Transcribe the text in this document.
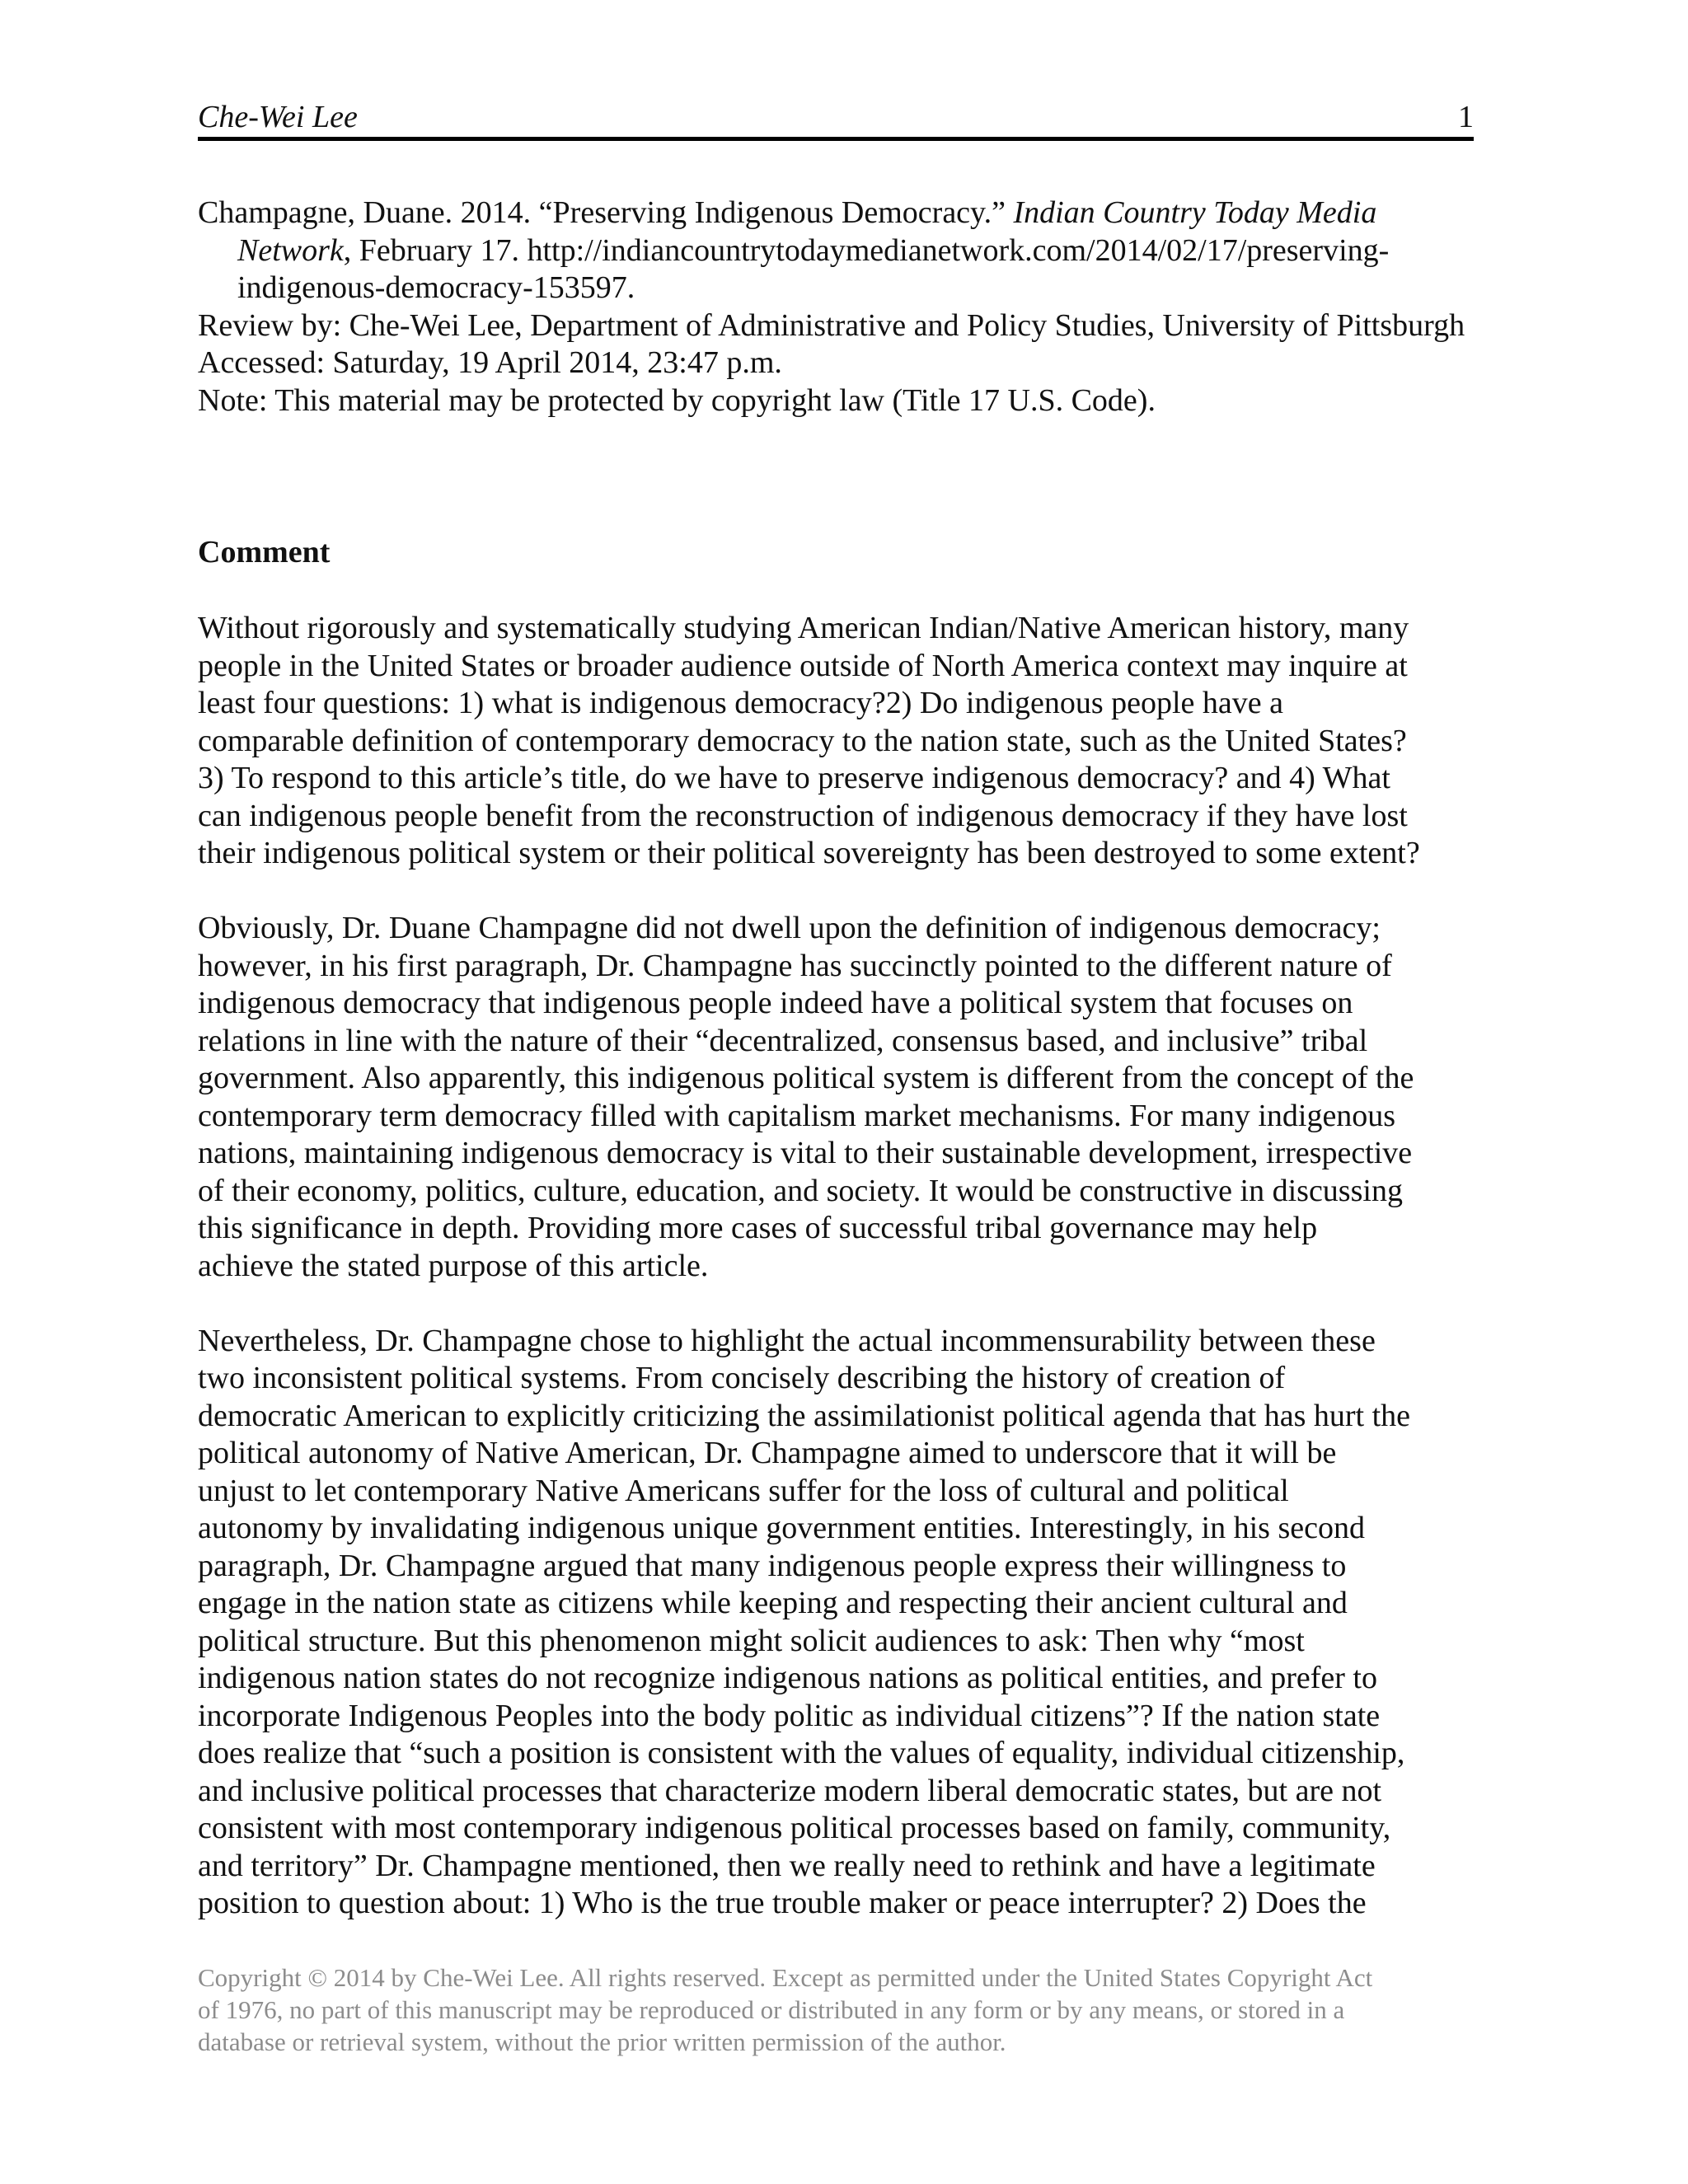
Che-Wei Lee	1

Champagne, Duane. 2014. “Preserving Indigenous Democracy.” Indian Country Today Media Network, February 17. http://indiancountrytodaymedianetwork.com/2014/02/17/preserving-indigenous-democracy-153597.

Review by: Che-Wei Lee, Department of Administrative and Policy Studies, University of Pittsburgh

Accessed: Saturday, 19 April 2014, 23:47 p.m.

Note: This material may be protected by copyright law (Title 17 U.S. Code).

Comment
Without rigorously and systematically studying American Indian/Native American history, many
people in the United States or broader audience outside of North America context may inquire at
least four questions: 1) what is indigenous democracy?2) Do indigenous people have a
comparable definition of contemporary democracy to the nation state, such as the United States?
3) To respond to this article’s title, do we have to preserve indigenous democracy? and 4) What
can indigenous people benefit from the reconstruction of indigenous democracy if they have lost
their indigenous political system or their political sovereignty has been destroyed to some extent?
Obviously, Dr. Duane Champagne did not dwell upon the definition of indigenous democracy;
however, in his first paragraph, Dr. Champagne has succinctly pointed to the different nature of
indigenous democracy that indigenous people indeed have a political system that focuses on
relations in line with the nature of their “decentralized, consensus based, and inclusive” tribal
government. Also apparently, this indigenous political system is different from the concept of the
contemporary term democracy filled with capitalism market mechanisms. For many indigenous
nations, maintaining indigenous democracy is vital to their sustainable development, irrespective
of their economy, politics, culture, education, and society. It would be constructive in discussing
this significance in depth. Providing more cases of successful tribal governance may help
achieve the stated purpose of this article.
Nevertheless, Dr. Champagne chose to highlight the actual incommensurability between these
two inconsistent political systems. From concisely describing the history of creation of
democratic American to explicitly criticizing the assimilationist political agenda that has hurt the
political autonomy of Native American, Dr. Champagne aimed to underscore that it will be
unjust to let contemporary Native Americans suffer for the loss of cultural and political
autonomy by invalidating indigenous unique government entities. Interestingly, in his second
paragraph, Dr. Champagne argued that many indigenous people express their willingness to
engage in the nation state as citizens while keeping and respecting their ancient cultural and
political structure. But this phenomenon might solicit audiences to ask: Then why “most
indigenous nation states do not recognize indigenous nations as political entities, and prefer to
incorporate Indigenous Peoples into the body politic as individual citizens”? If the nation state
does realize that “such a position is consistent with the values of equality, individual citizenship,
and inclusive political processes that characterize modern liberal democratic states, but are not
consistent with most contemporary indigenous political processes based on family, community,
and territory” Dr. Champagne mentioned, then we really need to rethink and have a legitimate
position to question about: 1) Who is the true trouble maker or peace interrupter? 2) Does the
Copyright © 2014 by Che-Wei Lee. All rights reserved. Except as permitted under the United States Copyright Act
of 1976, no part of this manuscript may be reproduced or distributed in any form or by any means, or stored in a
database or retrieval system, without the prior written permission of the author.
